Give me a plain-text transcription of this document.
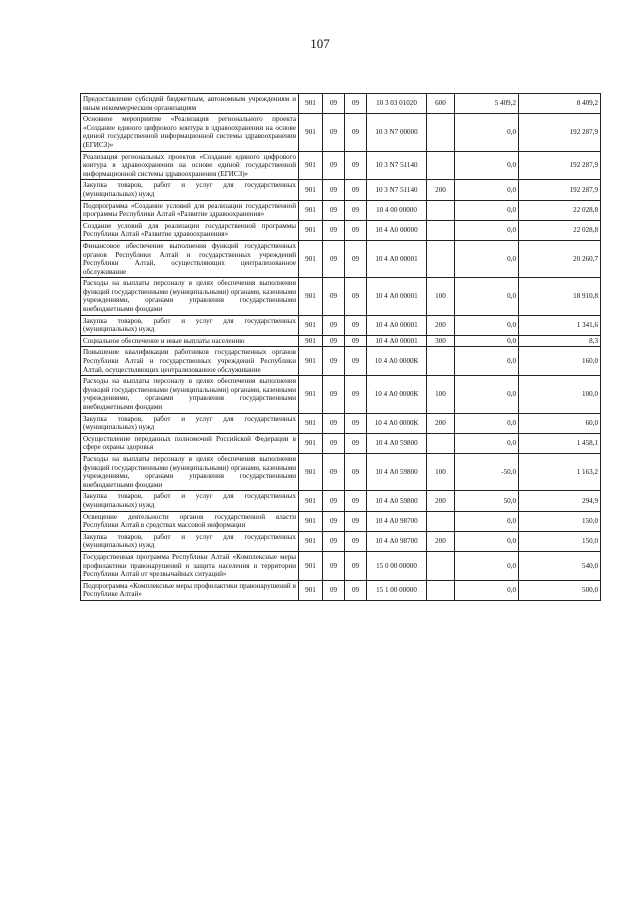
107
Предоставление субсидий бюджетным, автономным учреждениям и иным некоммерческим организациям	901	09	09	10 3 03 01020	600	5 409,2	8 409,2
Основное мероприятие «Реализация регионального проекта «Создание единого цифрового контура в здравоохранении на основе единой государственной информационной системы здравоохранения (ЕГИСЗ)»	901	09	09	10 3 N7 00000		0,0	192 287,9
Реализация региональных проектов «Создание единого цифрового контура в здравоохранении на основе единой государственной информационной системы здравоохранения (ЕГИСЗ)»	901	09	09	10 3 N7 51140		0,0	192 287,9
Закупка товаров, работ и услуг для государственных (муниципальных) нужд	901	09	09	10 3 N7 51140	200	0,0	192 287,9
Подпрограмма «Создание условий для реализации государственной программы Республики Алтай «Развитие здравоохранения»	901	09	09	10 4 00 00000		0,0	22 028,8
Создание условий для реализации государственной программы Республики Алтай «Развитие здравоохранения»	901	09	09	10 4 А0 00000		0,0	22 028,8
Финансовое обеспечение выполнения функций государственных органов Республики Алтай и государственных учреждений Республики Алтай, осуществляющих централизованное обслуживание	901	09	09	10 4 А0 00001		0,0	20 260,7
Расходы на выплаты персоналу в целях обеспечения выполнения функций государственными (муниципальными) органами, казенными учреждениями, органами управления государственными внебюджетными фондами	901	09	09	10 4 А0 00001	100	0,0	18 910,8
Закупка товаров, работ и услуг для государственных (муниципальных) нужд	901	09	09	10 4 А0 00001	200	0,0	1 341,6
Социальное обеспечение и иные выплаты населению	901	09	09	10 4 А0 00001	300	0,0	8,3
Повышение квалификации работников государственных органов Республики Алтай и государственных учреждений Республики Алтай, осуществляющих централизованное обслуживание	901	09	09	10 4 А0 0000К		0,0	160,0
Расходы на выплаты персоналу в целях обеспечения выполнения функций государственными (муниципальными) органами, казенными учреждениями, органами управления государственными внебюджетными фондами	901	09	09	10 4 А0 0000К	100	0,0	100,0
Закупка товаров, работ и услуг для государственных (муниципальных) нужд	901	09	09	10 4 А0 0000К	200	0,0	60,0
Осуществление переданных полномочий Российской Федерации в сфере охраны здоровья	901	09	09	10 4 А0 59800		0,0	1 458,1
Расходы на выплаты персоналу в целях обеспечения выполнения функций государственными (муниципальными) органами, казенными учреждениями, органами управления государственными внебюджетными фондами	901	09	09	10 4 А0 59800	100	-50,0	1 163,2
Закупка товаров, работ и услуг для государственных (муниципальных) нужд	901	09	09	10 4 А0 59800	200	50,0	294,9
Освещение деятельности органов государственной власти Республики Алтай в средствах массовой информации	901	09	09	10 4 А0 98700		0,0	150,0
Закупка товаров, работ и услуг для государственных (муниципальных) нужд	901	09	09	10 4 А0 98700	200	0,0	150,0
Государственная программа Республики Алтай «Комплексные меры профилактики правонарушений и защита населения и территории Республики Алтай от чрезвычайных ситуаций»	901	09	09	15 0 00 00000		0,0	540,0
Подпрограмма «Комплексные меры профилактики правонарушений в Республике Алтай»	901	09	09	15 1 00 00000		0,0	500,0
